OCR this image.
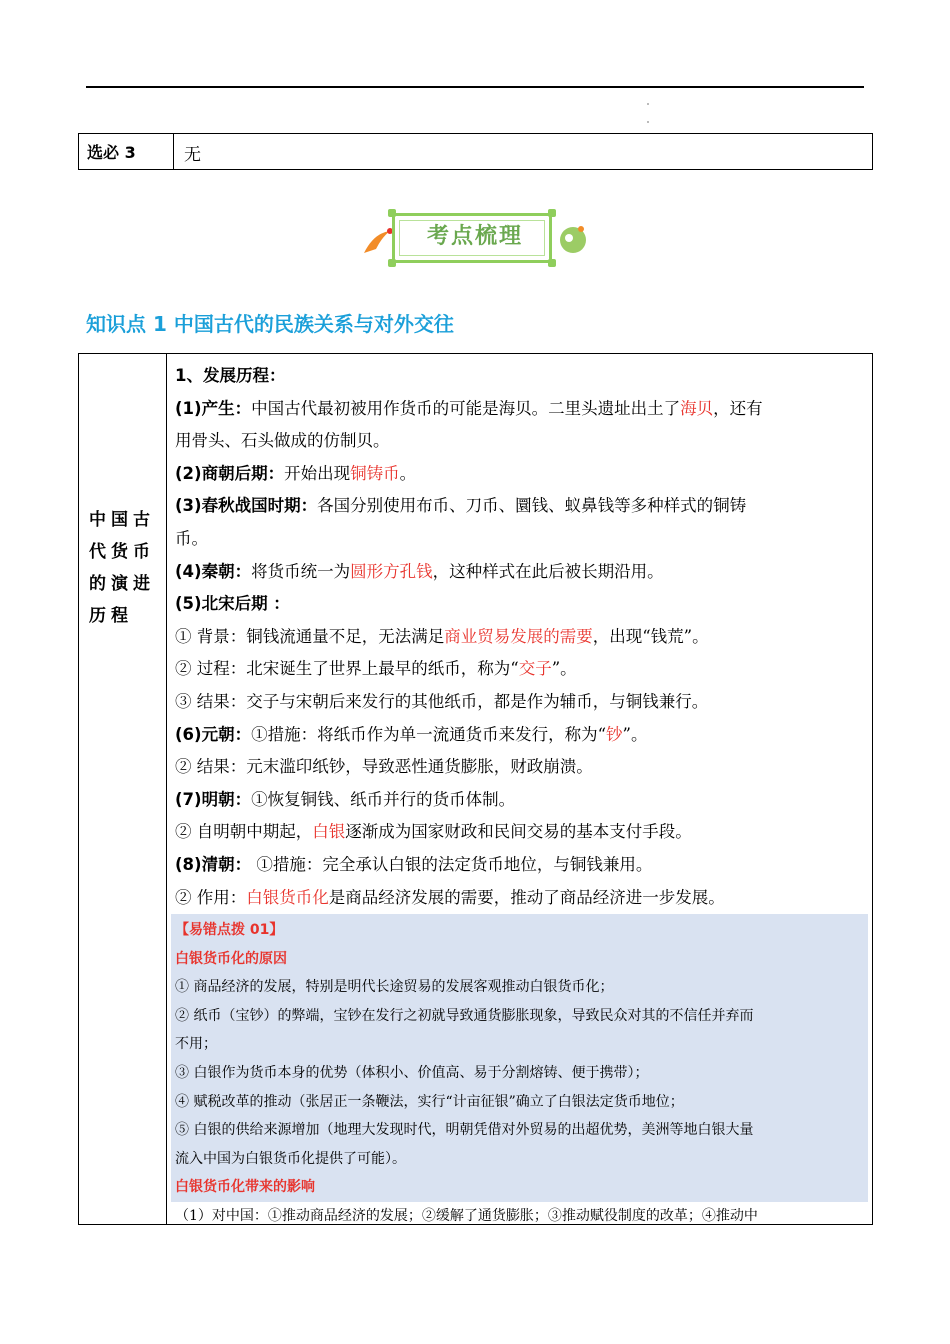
选必 3	无
考点梳理
知识点 1 中国古代的民族关系与对外交往
中国古代货币的演进历程
1、发展历程：
(1)产生：中国古代最初被用作货币的可能是海贝。二里头遗址出土了海贝，还有
用骨头、石头做成的仿制贝。
(2)商朝后期：开始出现铜铸币。
(3)春秋战国时期：各国分别使用布币、刀币、圜钱、蚁鼻钱等多种样式的铜铸
币。
(4)秦朝：将货币统一为圆形方孔钱，这种样式在此后被长期沿用。
(5)北宋后期 ：
① 背景：铜钱流通量不足，无法满足商业贸易发展的需要，出现“钱荒”。
② 过程：北宋诞生了世界上最早的纸币，称为“交子”。
③ 结果：交子与宋朝后来发行的其他纸币，都是作为辅币，与铜钱兼行。
(6)元朝：①措施：将纸币作为单一流通货币来发行，称为“钞”。
② 结果：元末滥印纸钞，导致恶性通货膨胀，财政崩溃。
(7)明朝：①恢复铜钱、纸币并行的货币体制。
② 自明朝中期起，白银逐渐成为国家财政和民间交易的基本支付手段。
(8)清朝： ①措施：完全承认白银的法定货币地位，与铜钱兼用。
② 作用：白银货币化是商品经济发展的需要，推动了商品经济进一步发展。
【易错点拨 01】
白银货币化的原因
① 商品经济的发展，特别是明代长途贸易的发展客观推动白银货币化；
② 纸币（宝钞）的弊端，宝钞在发行之初就导致通货膨胀现象，导致民众对其的不信任并弃而
不用；
③ 白银作为货币本身的优势（体积小、价值高、易于分割熔铸、便于携带）；
④ 赋税改革的推动（张居正一条鞭法，实行“计亩征银”确立了白银法定货币地位；
⑤ 白银的供给来源增加（地理大发现时代，明朝凭借对外贸易的出超优势，美洲等地白银大量
流入中国为白银货币化提供了可能）。
白银货币化带来的影响
（1）对中国：①推动商品经济的发展；②缓解了通货膨胀；③推动赋役制度的改革；④推动中
